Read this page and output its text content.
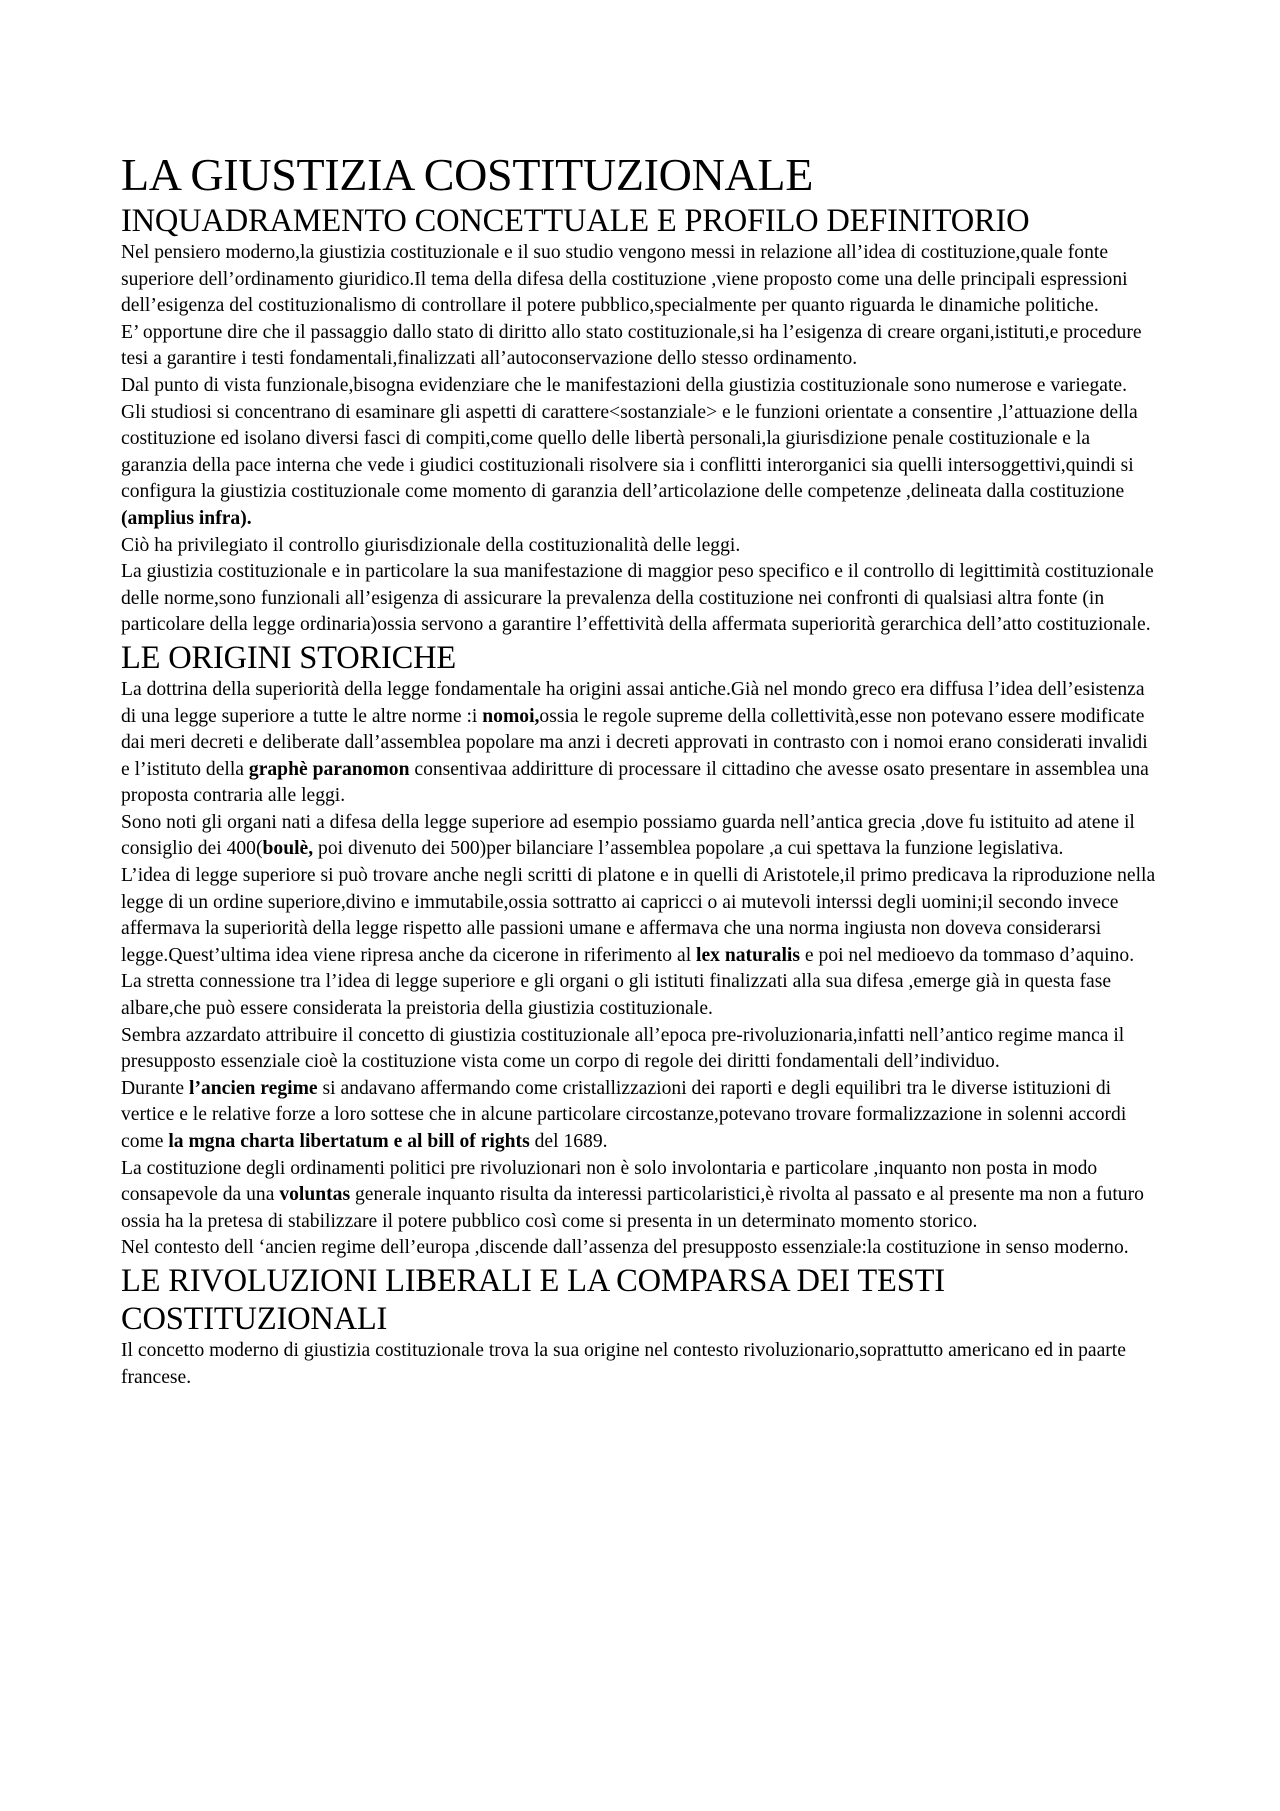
LA GIUSTIZIA COSTITUZIONALE
INQUADRAMENTO CONCETTUALE E PROFILO DEFINITORIO

Nel pensiero moderno,la giustizia costituzionale e il suo studio vengono messi in relazione all’idea di costituzione,quale fonte superiore dell’ordinamento giuridico.Il tema della difesa della costituzione ,viene proposto come una delle principali espressioni dell’esigenza del costituzionalismo di controllare il potere pubblico,specialmente per quanto riguarda le dinamiche politiche.

E’ opportune dire che il passaggio dallo stato di diritto allo stato costituzionale,si ha l’esigenza di creare organi,istituti,e procedure tesi a garantire i testi fondamentali,finalizzati all’autoconservazione dello stesso ordinamento.

Dal punto di vista funzionale,bisogna evidenziare che le manifestazioni della giustizia costituzionale sono numerose e variegate.

Gli studiosi si concentrano di esaminare gli aspetti di carattere<sostanziale> e le funzioni orientate a consentire ,l’attuazione della costituzione ed isolano diversi fasci di compiti,come quello delle libertà personali,la giurisdizione penale costituzionale e la garanzia della pace interna che vede i giudici costituzionali risolvere sia i conflitti interorganici sia quelli intersoggettivi,quindi si configura la giustizia costituzionale come momento di garanzia dell’articolazione delle competenze ,delineata dalla costituzione (amplius infra).

Ciò ha privilegiato il controllo giurisdizionale della costituzionalità delle leggi.

La giustizia costituzionale e in particolare la sua manifestazione di maggior peso specifico e il controllo di legittimità costituzionale delle norme,sono funzionali all’esigenza di assicurare la prevalenza della costituzione nei confronti di qualsiasi altra fonte (in particolare della legge ordinaria)ossia servono a garantire l’effettività della affermata superiorità gerarchica dell’atto costituzionale.

LE ORIGINI STORICHE

La dottrina della superiorità della legge fondamentale ha origini assai antiche.Già nel mondo greco era diffusa l’idea dell’esistenza di una legge superiore a tutte le altre norme :i nomoi,ossia le regole supreme della collettività,esse non potevano essere modificate dai meri decreti e deliberate dall’assemblea popolare ma anzi i decreti approvati in contrasto con i nomoi erano considerati invalidi e l’istituto della graphè paranomon consentivaa addiritture di processare il cittadino che avesse osato presentare in assemblea una proposta contraria alle leggi.

Sono noti gli organi nati a difesa della legge superiore ad esempio possiamo guarda nell’antica grecia ,dove fu istituito ad atene il consiglio dei 400(boulè, poi divenuto dei 500)per bilanciare l’assemblea popolare ,a cui spettava la funzione legislativa.

L’idea di legge superiore si può trovare anche negli scritti di platone e in quelli di Aristotele,il primo predicava la riproduzione nella legge di un ordine superiore,divino e immutabile,ossia sottratto ai capricci o ai mutevoli interssi degli uomini;il secondo invece affermava la superiorità della legge rispetto alle passioni umane e affermava che una norma ingiusta non doveva considerarsi legge.Quest’ultima idea viene ripresa anche da cicerone in riferimento al lex naturalis e poi nel medioevo da tommaso d’aquino.

La stretta connessione tra l’idea di legge superiore e gli organi o gli istituti finalizzati alla sua difesa ,emerge già in questa fase albare,che può essere considerata la preistoria della giustizia costituzionale.

Sembra azzardato attribuire il concetto di giustizia costituzionale all’epoca pre-rivoluzionaria,infatti nell’antico regime manca il presupposto essenziale cioè la costituzione vista come un corpo di regole dei diritti fondamentali dell’individuo.

Durante l’ancien regime si andavano affermando come cristallizzazioni dei raporti e degli equilibri tra le diverse istituzioni di vertice e le relative forze a loro sottese che in alcune particolare circostanze,potevano trovare formalizzazione in solenni accordi come la mgna charta libertatum e al bill of rights del 1689.

La costituzione degli ordinamenti politici pre rivoluzionari non è solo involontaria e particolare ,inquanto non posta in modo consapevole da una voluntas generale inquanto risulta da interessi particolaristici,è rivolta al passato e al presente ma non a futuro ossia ha la pretesa di stabilizzare il potere pubblico così come si presenta in un determinato momento storico.

Nel contesto dell ‘ancien regime dell’europa ,discende dall’assenza del presupposto essenziale:la costituzione in senso moderno.

LE RIVOLUZIONI LIBERALI E LA COMPARSA DEI TESTI COSTITUZIONALI

Il concetto moderno di giustizia costituzionale trova la sua origine nel contesto rivoluzionario,soprattutto americano ed in paarte francese.
